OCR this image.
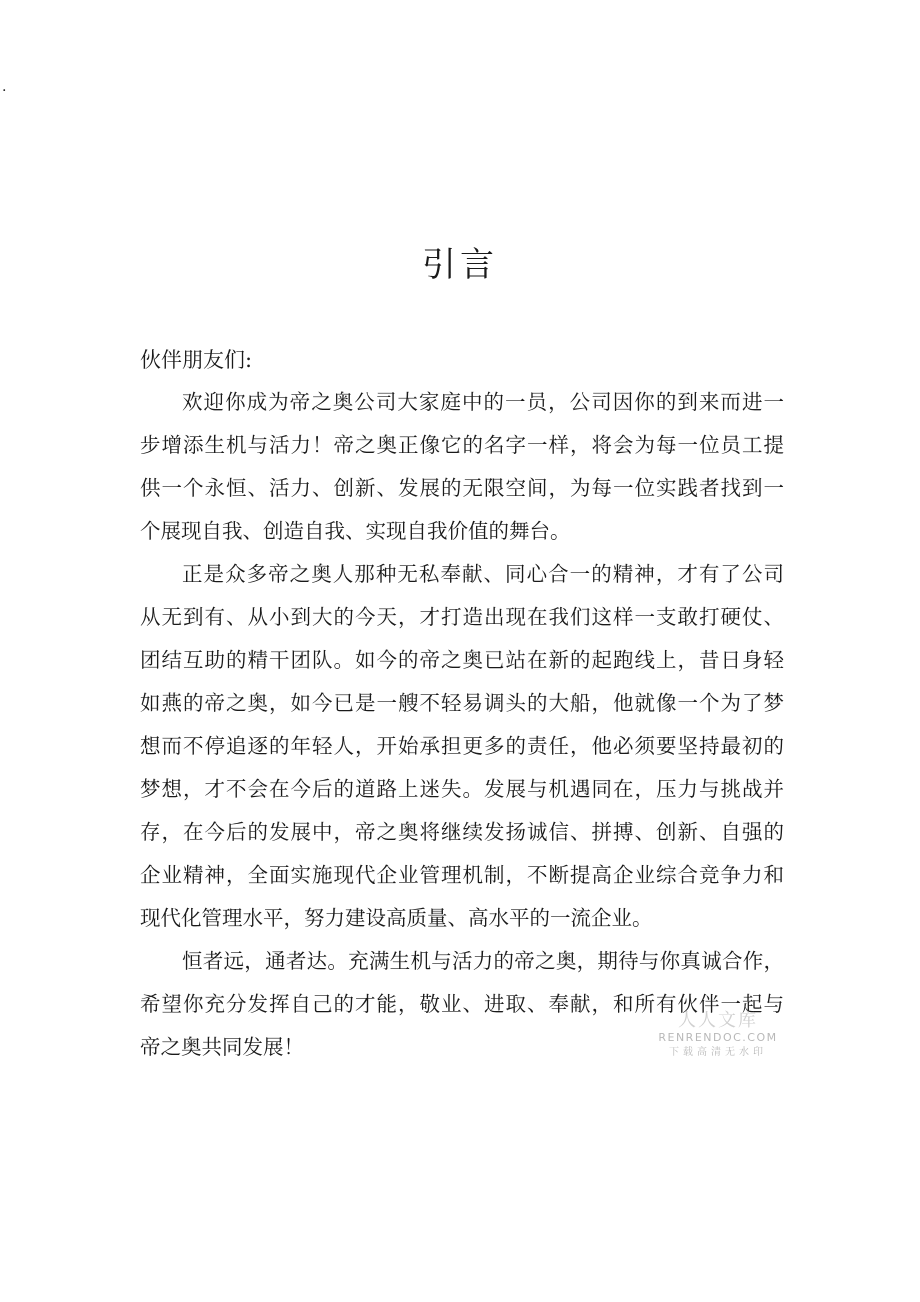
.
引言
伙伴朋友们:

欢迎你成为帝之奥公司大家庭中的一员，公司因你的到来而进一
步增添生机与活力！帝之奥正像它的名字一样，将会为每一位员工提
供一个永恒、活力、创新、发展的无限空间，为每一位实践者找到一
个展现自我、创造自我、实现自我价值的舞台。

正是众多帝之奥人那种无私奉献、同心合一的精神，才有了公司
从无到有、从小到大的今天，才打造出现在我们这样一支敢打硬仗、
团结互助的精干团队。如今的帝之奥已站在新的起跑线上，昔日身轻
如燕的帝之奥，如今已是一艘不轻易调头的大船，他就像一个为了梦
想而不停追逐的年轻人，开始承担更多的责任，他必须要坚持最初的
梦想，才不会在今后的道路上迷失。发展与机遇同在，压力与挑战并
存，在今后的发展中，帝之奥将继续发扬诚信、拼搏、创新、自强的
企业精神，全面实施现代企业管理机制，不断提高企业综合竞争力和
现代化管理水平，努力建设高质量、高水平的一流企业。

恒者远，通者达。充满生机与活力的帝之奥，期待与你真诚合作，
希望你充分发挥自己的才能，敬业、进取、奉献，和所有伙伴一起与
帝之奥共同发展！

人人文库
RENRENDOC.COM
下载高清无水印
